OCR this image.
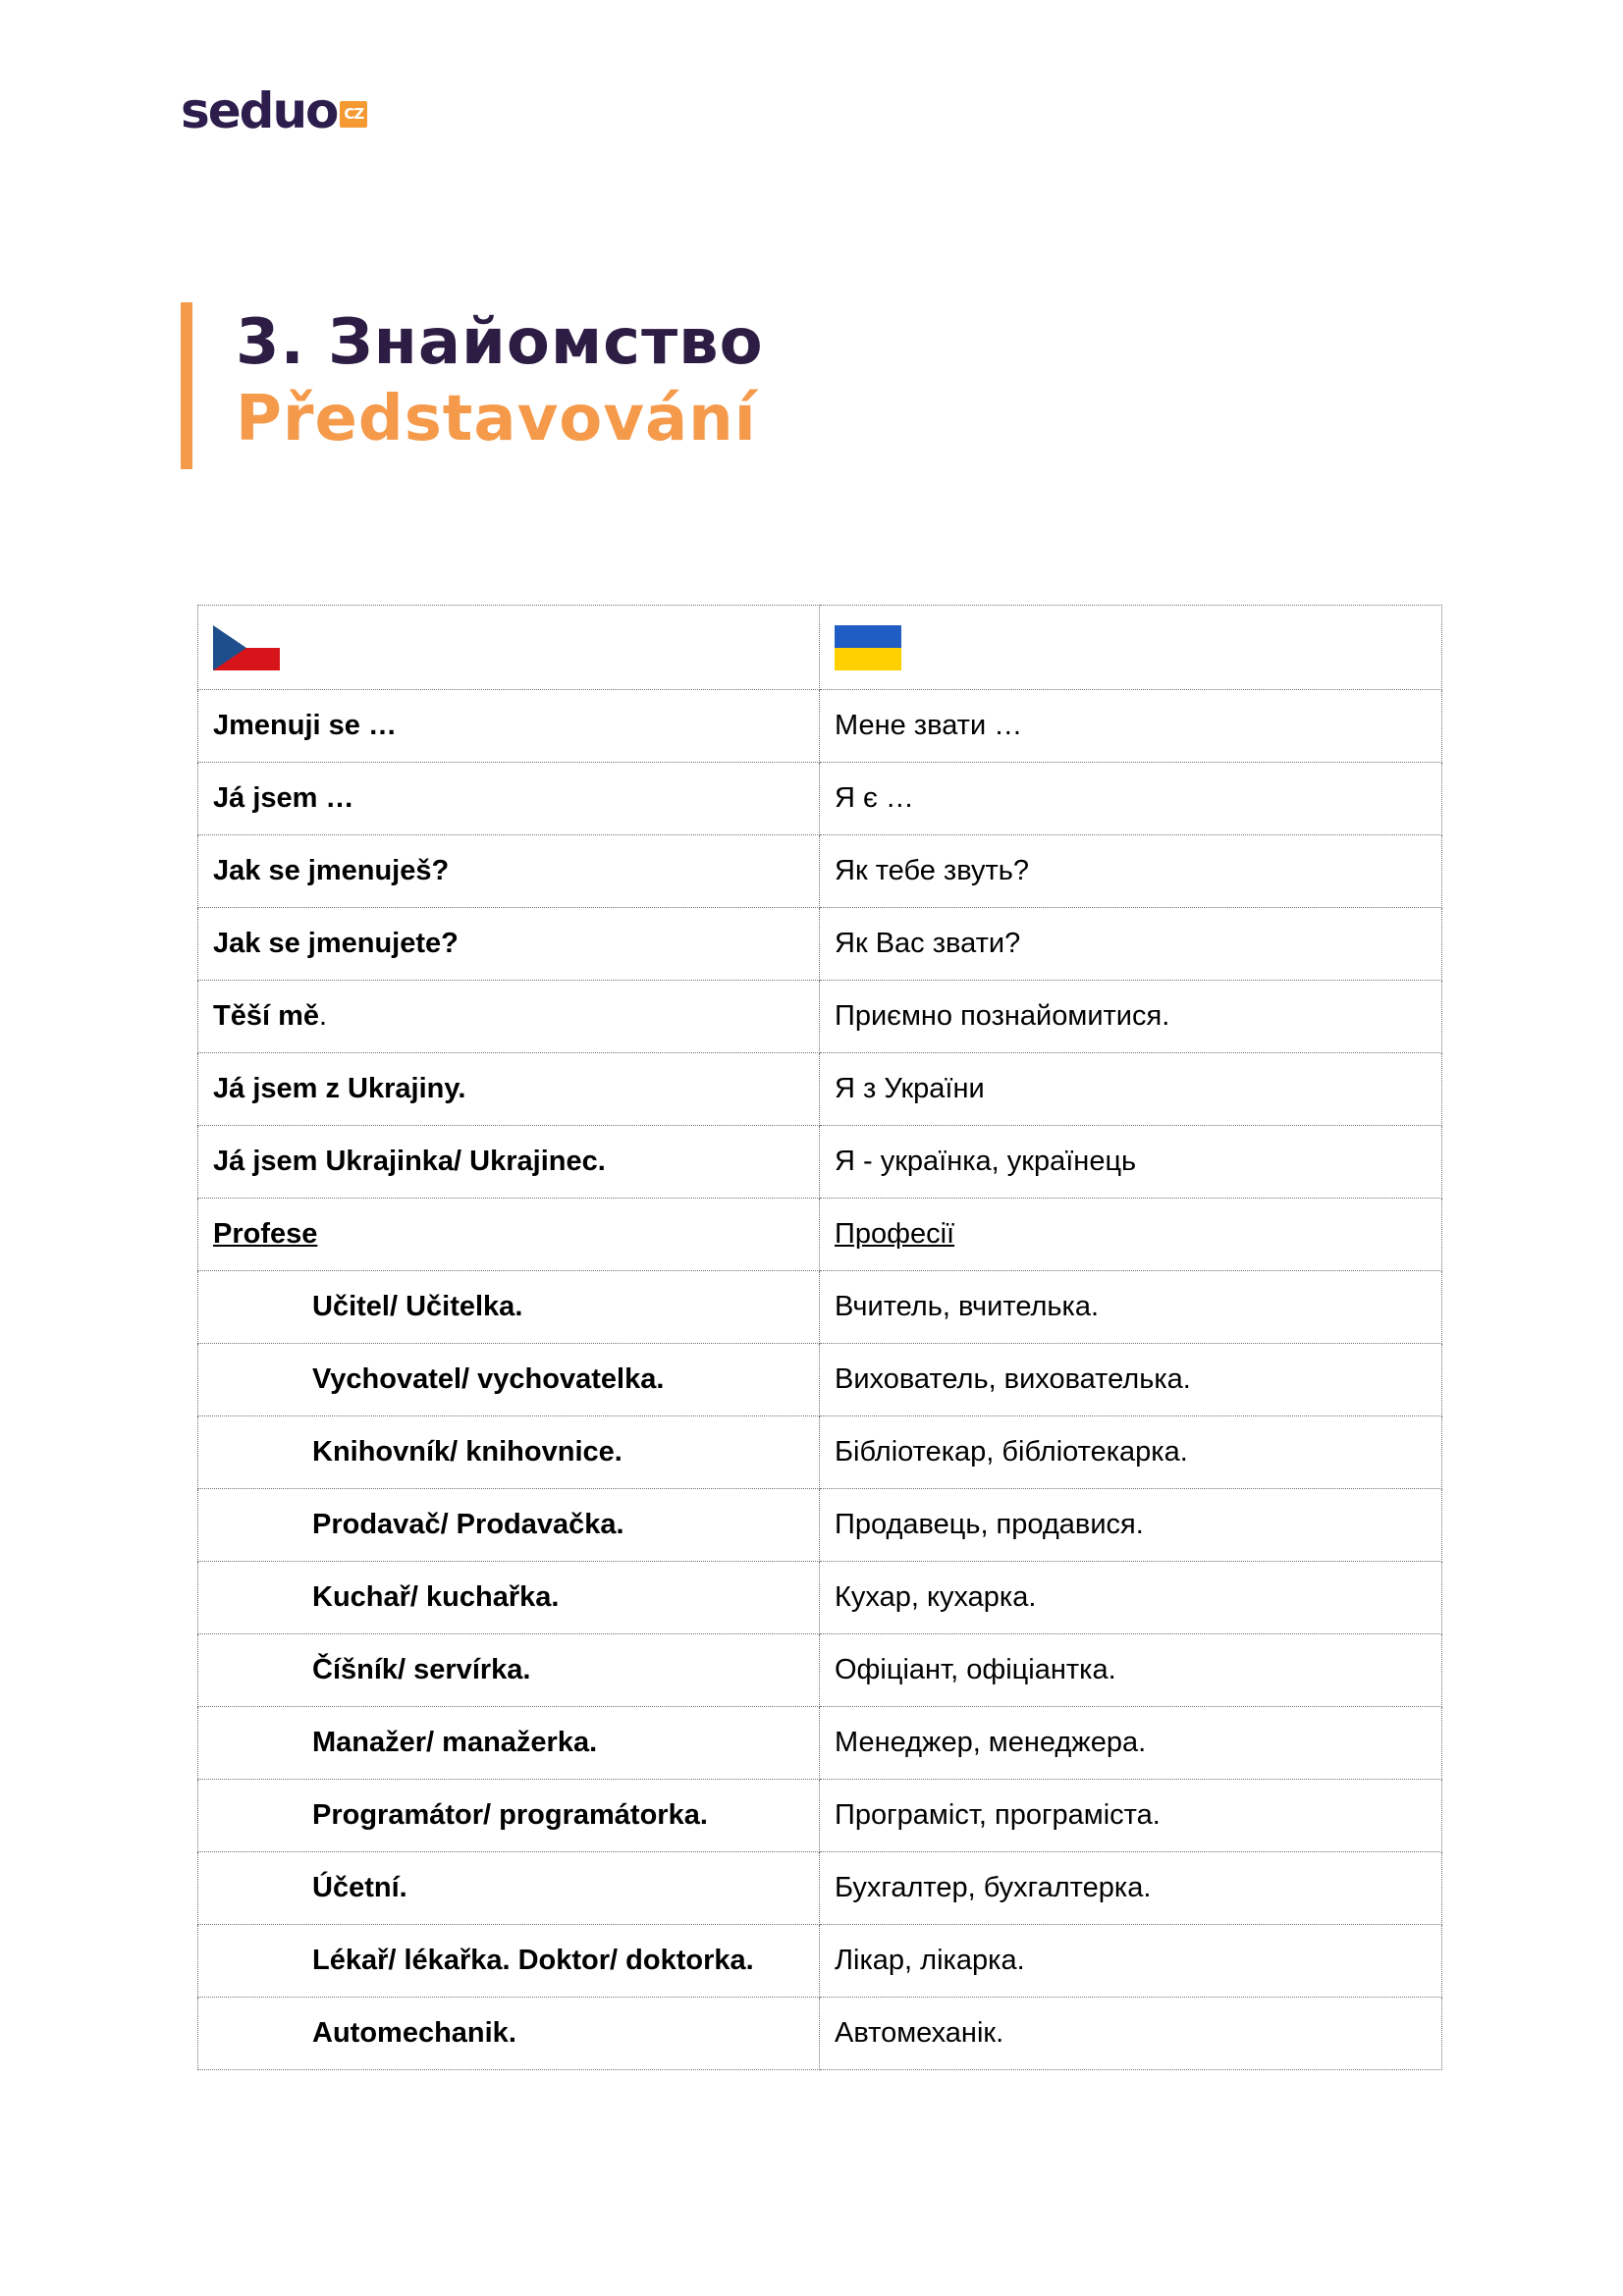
seduo CZ
3. Знайомство
Představování

Jmenuji se …	Мене звати …
Já jsem …	Я є …
Jak se jmenuješ?	Як тебе звуть?
Jak se jmenujete?	Як Вас звати?
Těší mě.	Приємно познайомитися.
Já jsem z Ukrajiny.	Я з України
Já jsem Ukrajinka/ Ukrajinec.	Я - українка, українець
Profese	Професії
Učitel/ Učitelka.	Вчитель, вчителька.
Vychovatel/ vychovatelka.	Вихователь, вихователька.
Knihovník/ knihovnice.	Бібліотекар, бібліотекарка.
Prodavač/ Prodavačka.	Продавець, продавися.
Kuchař/ kuchařka.	Кухар, кухарка.
Číšník/ servírka.	Офіціант, офіціантка.
Manažer/ manažerka.	Менеджер, менеджера.
Programátor/ programátorka.	Програміст, програміста.
Účetní.	Бухгалтер, бухгалтерка.
Lékař/ lékařka. Doktor/ doktorka.	Лікар, лікарка.
Automechanik.	Автомеханік.
